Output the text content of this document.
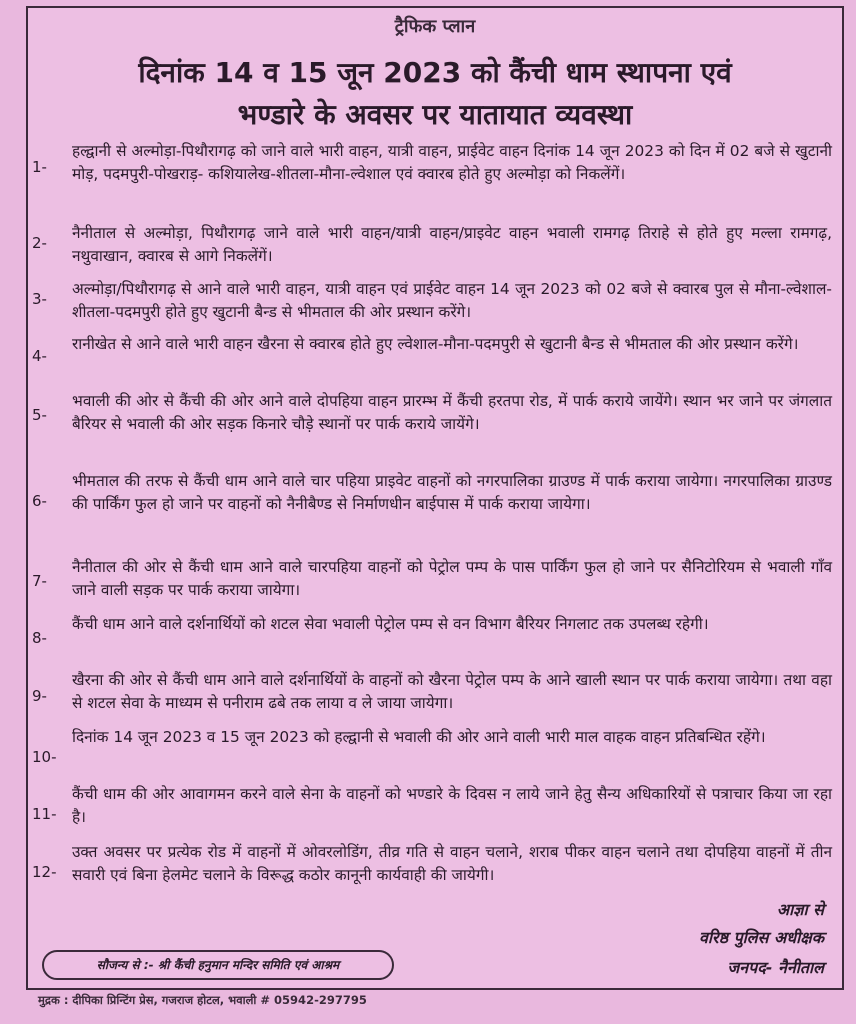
ट्रैफिक प्लान
दिनांक 14 व 15 जून 2023 को कैंची धाम स्थापना एवं
भण्डारे के अवसर पर यातायात व्यवस्था
1-
हल्द्वानी से अल्मोड़ा-पिथौरागढ़ को जाने वाले भारी वाहन, यात्री वाहन, प्राईवेट वाहन दिनांक 14 जून 2023 को दिन में 02 बजे से खुटानी मोड़, पदमपुरी-पोखराड़- कशियालेख-शीतला-मौना-ल्वेशाल एवं क्वारब होते हुए अल्मोड़ा को निकलेंगें।
2-
नैनीताल से अल्मोड़ा, पिथौरागढ़ जाने वाले भारी वाहन/यात्री वाहन/प्राइवेट वाहन भवाली रामगढ़ तिराहे से होते हुए मल्ला रामगढ़, नथुवाखान, क्वारब से आगे निकलेंगें।
3-
अल्मोड़ा/पिथौरागढ़ से आने वाले भारी वाहन, यात्री वाहन एवं प्राईवेट वाहन 14 जून 2023 को 02 बजे से क्वारब पुल से मौना-ल्वेशाल-शीतला-पदमपुरी होते हुए खुटानी बैन्ड से भीमताल की ओर प्रस्थान करेंगे।
4-
रानीखेत से आने वाले भारी वाहन खैरना से क्वारब होते हुए ल्वेशाल-मौना-पदमपुरी से खुटानी बैन्ड से भीमताल की ओर प्रस्थान करेंगे।
5-
भवाली की ओर से कैंची की ओर आने वाले दोपहिया वाहन प्रारम्भ में कैंची हरतपा रोड, में पार्क कराये जायेंगे। स्थान भर जाने पर जंगलात बैरियर से भवाली की ओर सड़क किनारे चौड़े स्थानों पर पार्क कराये जायेंगे।
6-
भीमताल की तरफ से कैंची धाम आने वाले चार पहिया प्राइवेट वाहनों को नगरपालिका ग्राउण्ड में पार्क कराया जायेगा। नगरपालिका ग्राउण्ड की पार्किंग फुल हो जाने पर वाहनों को नैनीबैण्ड से निर्माणधीन बाईपास में पार्क कराया जायेगा।
7-
नैनीताल की ओर से कैंची धाम आने वाले चारपहिया वाहनों को पेट्रोल पम्प के पास पार्किंग फुल हो जाने पर सैनिटोरियम से भवाली गाँव जाने वाली सड़क पर पार्क कराया जायेगा।
8-
कैंची धाम आने वाले दर्शनार्थियों को शटल सेवा भवाली पेट्रोल पम्प से वन विभाग बैरियर निगलाट तक उपलब्ध रहेगी।
9-
खैरना की ओर से कैंची धाम आने वाले दर्शनार्थियों के वाहनों को खैरना पेट्रोल पम्प के आने खाली स्थान पर पार्क कराया जायेगा। तथा वहा से शटल सेवा के माध्यम से पनीराम ढबे तक लाया व ले जाया जायेगा।
10-
दिनांक 14 जून 2023 व 15 जून 2023 को हल्द्वानी से भवाली की ओर आने वाली भारी माल वाहक वाहन प्रतिबन्धित रहेंगे।
11-
कैंची धाम की ओर आवागमन करने वाले सेना के वाहनों को भण्डारे के दिवस न लाये जाने हेतु सैन्य अधिकारियों से पत्राचार किया जा रहा है।
12-
उक्त अवसर पर प्रत्येक रोड में वाहनों में ओवरलोडिंग, तीव्र गति से वाहन चलाने, शराब पीकर वाहन चलाने तथा दोपहिया वाहनों में तीन सवारी एवं बिना हेलमेट चलाने के विरूद्ध कठोर कानूनी कार्यवाही की जायेगी।
आज्ञा से
वरिष्ठ पुलिस अधीक्षक
जनपद- नैनीताल
सौजन्य से :- श्री कैंची हनुमान मन्दिर समिति एवं आश्रम
मुद्रक : दीपिका प्रिन्टिंग प्रेस, गजराज होटल, भवाली # 05942-297795
